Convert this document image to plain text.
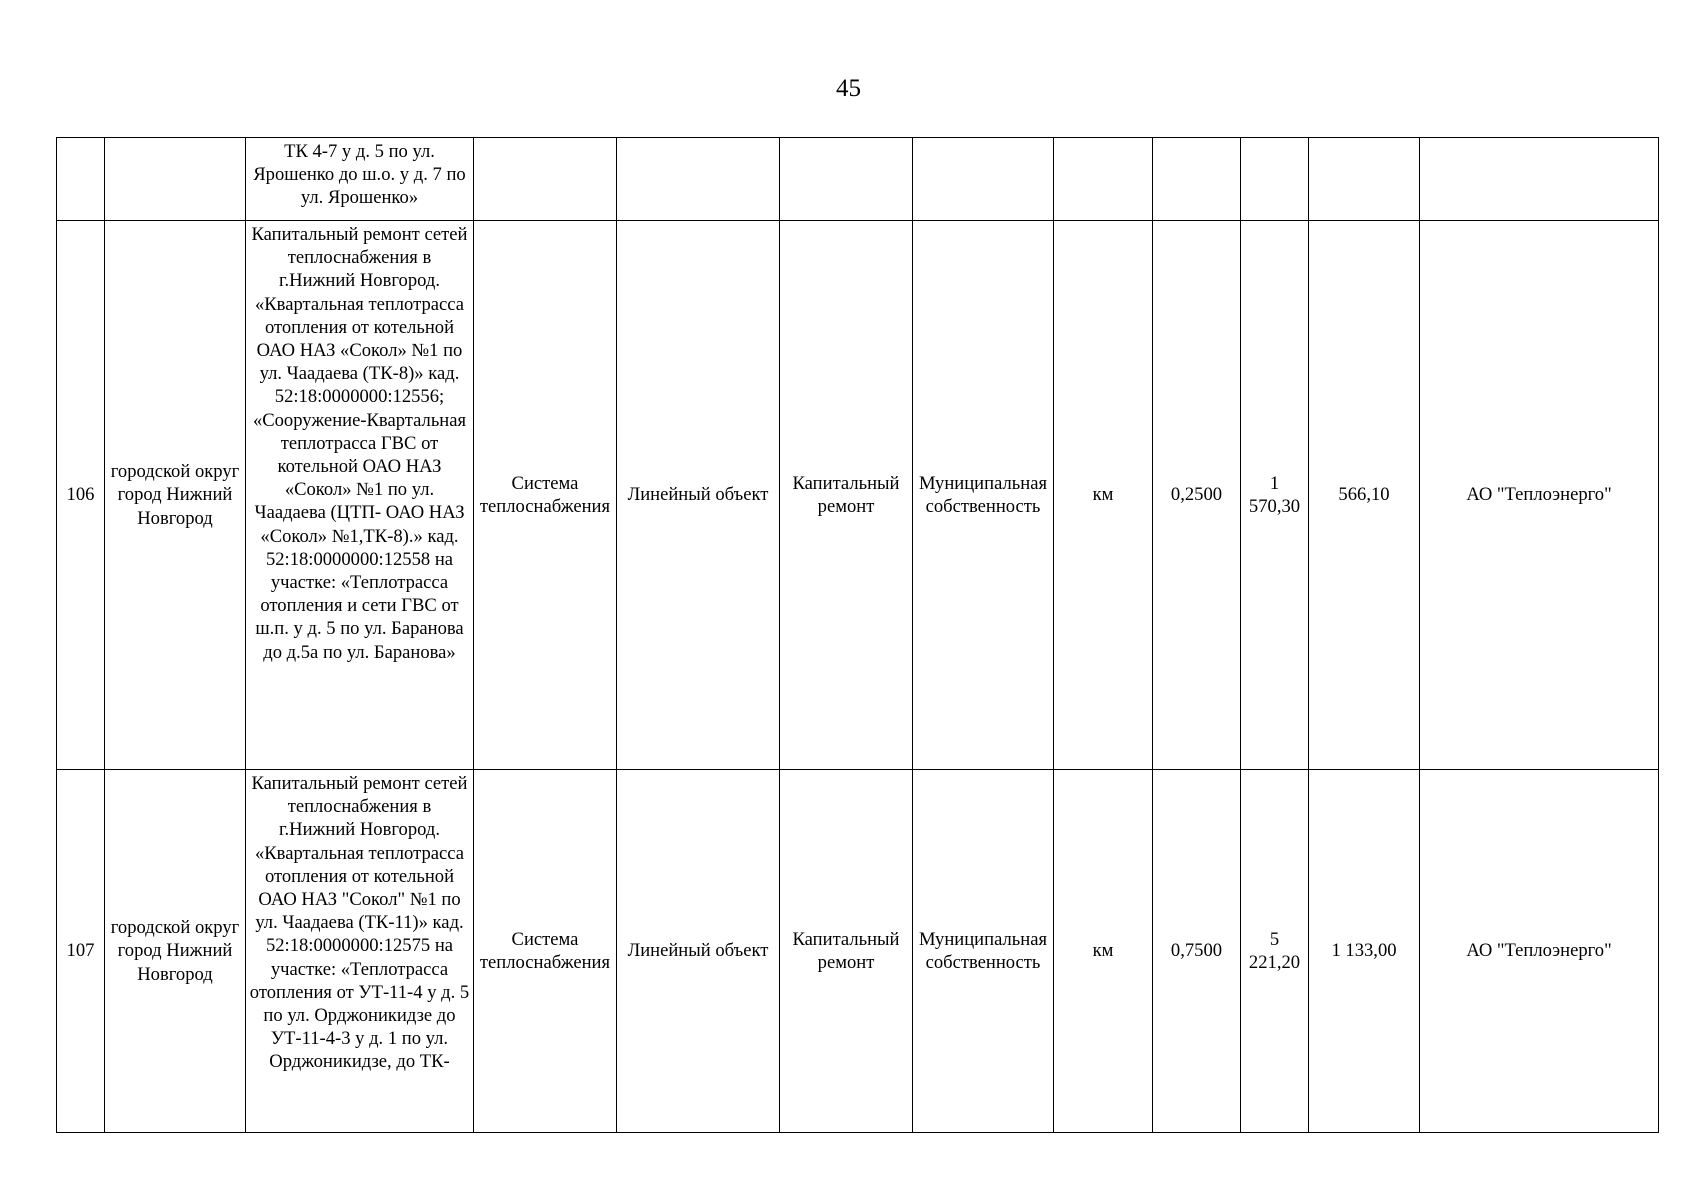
45
		ТК 4-7 у д. 5 по ул. Ярошенко до ш.о. у д. 7 по ул. Ярошенко»									
106	городской округ город Нижний Новгород	Капитальный ремонт сетей теплоснабжения в г.Нижний Новгород. «Квартальная теплотрасса отопления от котельной ОАО НАЗ «Сокол» №1 по ул. Чаадаева (ТК-8)» кад. 52:18:0000000:12556; «Сооружение-Квартальная теплотрасса ГВС от котельной ОАО НАЗ «Сокол» №1 по ул. Чаадаева (ЦТП- ОАО НАЗ «Сокол» №1,ТК-8).» кад. 52:18:0000000:12558 на участке: «Теплотрасса отопления и сети ГВС от ш.п. у д. 5 по ул. Баранова до д.5а по ул. Баранова»	Система теплоснабжения	Линейный объект	Капитальный ремонт	Муниципальная собственность	км	0,2500	1 570,30	566,10	АО "Теплоэнерго"
107	городской округ город Нижний Новгород	Капитальный ремонт сетей теплоснабжения в г.Нижний Новгород. «Квартальная теплотрасса отопления от котельной ОАО НАЗ "Сокол" №1 по ул. Чаадаева (ТК-11)» кад. 52:18:0000000:12575 на участке: «Теплотрасса отопления от УТ-11-4 у д. 5 по ул. Орджоникидзе до УТ-11-4-3 у д. 1 по ул. Орджоникидзе, до ТК-	Система теплоснабжения	Линейный объект	Капитальный ремонт	Муниципальная собственность	км	0,7500	5 221,20	1 133,00	АО "Теплоэнерго"
